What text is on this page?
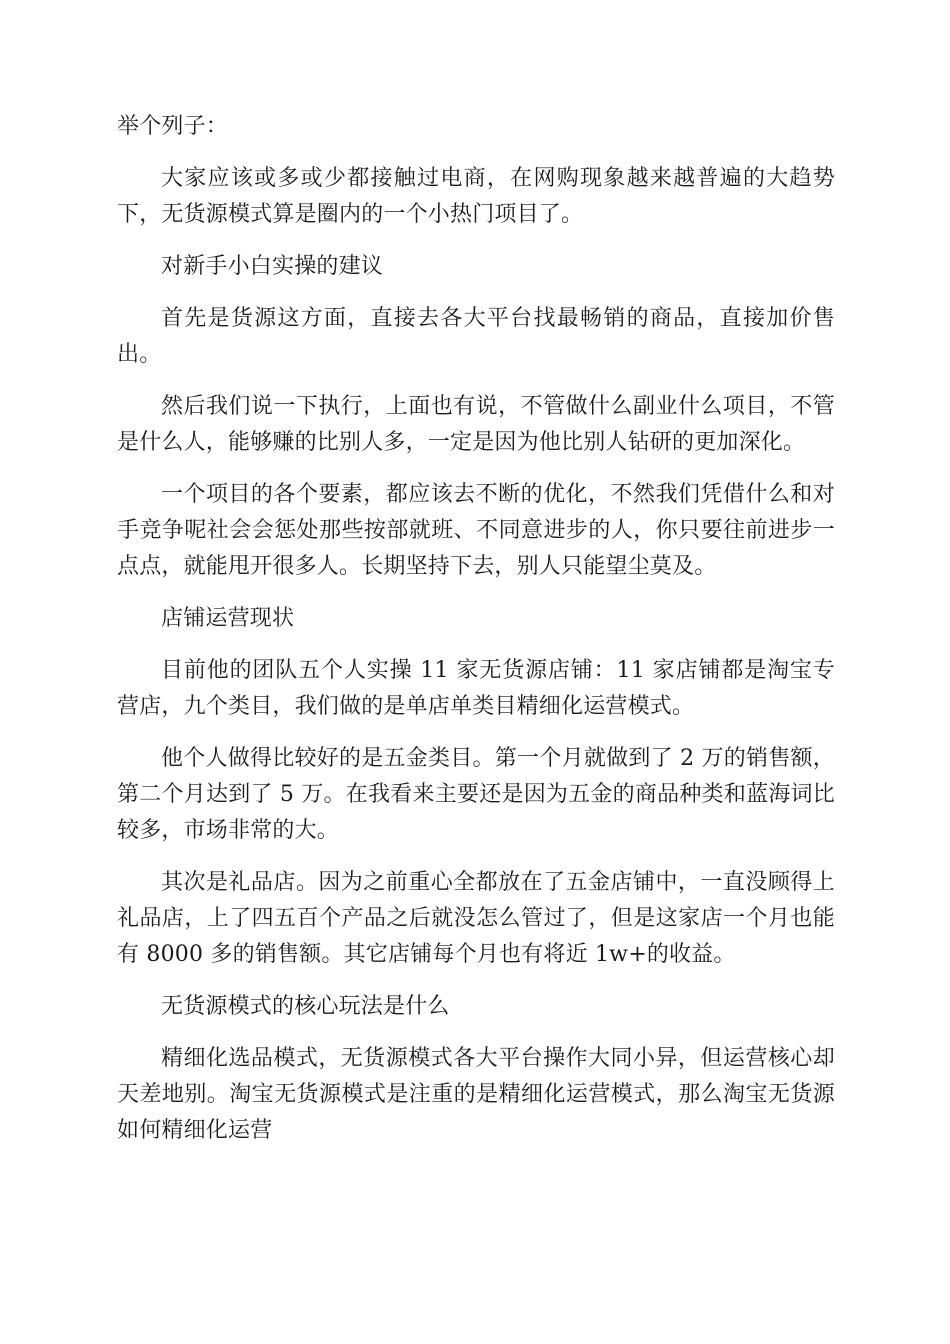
举个列子：

大家应该或多或少都接触过电商，在网购现象越来越普遍的大趋势下，无货源模式算是圈内的一个小热门项目了。

对新手小白实操的建议

首先是货源这方面，直接去各大平台找最畅销的商品，直接加价售出。

然后我们说一下执行，上面也有说，不管做什么副业什么项目，不管是什么人，能够赚的比别人多，一定是因为他比别人钻研的更加深化。

一个项目的各个要素，都应该去不断的优化，不然我们凭借什么和对手竞争呢社会会惩处那些按部就班、不同意进步的人，你只要往前进步一点点，就能甩开很多人。长期坚持下去，别人只能望尘莫及。

店铺运营现状

目前他的团队五个人实操 11 家无货源店铺：11 家店铺都是淘宝专营店，九个类目，我们做的是单店单类目精细化运营模式。

他个人做得比较好的是五金类目。第一个月就做到了 2 万的销售额，第二个月达到了 5 万。在我看来主要还是因为五金的商品种类和蓝海词比较多，市场非常的大。

其次是礼品店。因为之前重心全都放在了五金店铺中，一直没顾得上礼品店，上了四五百个产品之后就没怎么管过了，但是这家店一个月也能有 8000 多的销售额。其它店铺每个月也有将近 1w+的收益。

无货源模式的核心玩法是什么

精细化选品模式，无货源模式各大平台操作大同小异，但运营核心却天差地别。淘宝无货源模式是注重的是精细化运营模式，那么淘宝无货源如何精细化运营
